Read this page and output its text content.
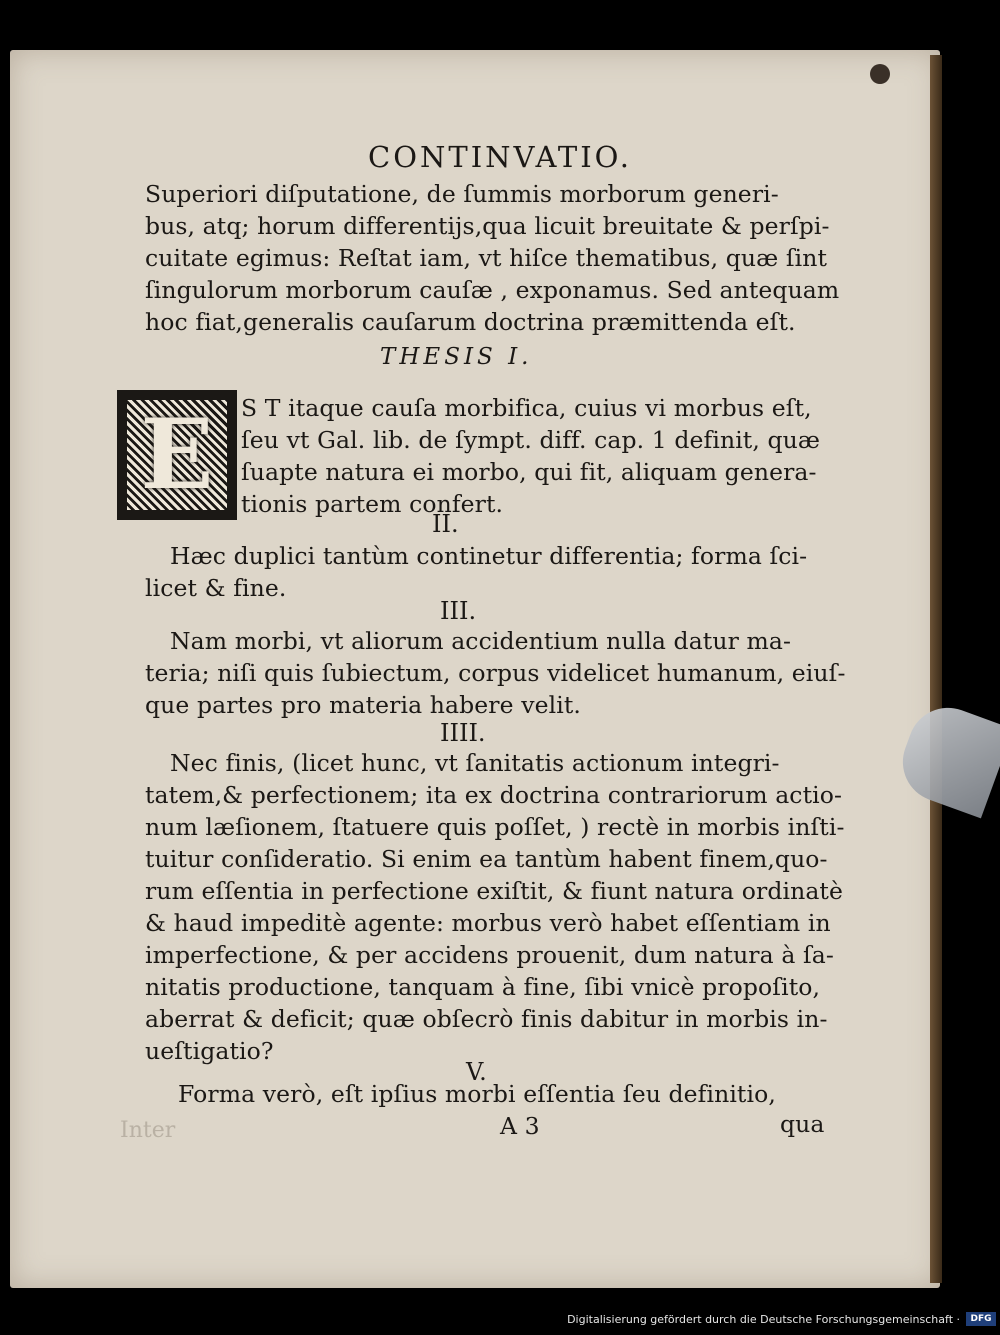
Inter
CONTINVATIO.
Superiori diſputatione, de ſummis morborum generi-
bus, atq; horum differentijs,qua licuit breuitate & perſpi-
cuitate egimus: Reſtat iam, vt hiſce thematibus, quæ ſint
ſingulorum morborum cauſæ , exponamus. Sed antequam
hoc fiat,generalis cauſarum doctrina præmittenda eſt.
THESIS I.
E	S T itaque cauſa morbifica, cuius vi morbus eſt,
ſeu vt Gal. lib. de ſympt. diff. cap. 1 definit, quæ
ſuapte natura ei morbo, qui fit, aliquam genera-
tionis partem confert.
II.
Hæc duplici tantùm continetur differentia; forma ſci-
licet & fine.
III.
Nam morbi, vt aliorum accidentium nulla datur ma-
teria; niſi quis ſubiectum, corpus videlicet humanum, eiuſ-
que partes pro materia habere velit.
IIII.
Nec finis, (licet hunc, vt ſanitatis actionum integri-
tatem,& perfectionem; ita ex doctrina contrariorum actio-
num læſionem, ſtatuere quis poſſet, ) rectè in morbis inſti-
tuitur conſideratio. Si enim ea tantùm habent finem,quo-
rum eſſentia in perfectione exiſtit, & fiunt natura ordinatè
& haud impeditè agente: morbus verò habet eſſentiam in
imperfectione, & per accidens prouenit, dum natura à ſa-
nitatis productione, tanquam à fine, ſibi vnicè propoſito,
aberrat & deficit; quæ obſecrò finis dabitur in morbis in-
ueſtigatio?
V.
Forma verò, eſt ipſius morbi eſſentia ſeu definitio,
A 3	qua
Digitalisierung gefördert durch die Deutsche Forschungsgemeinschaft ·	DFG
